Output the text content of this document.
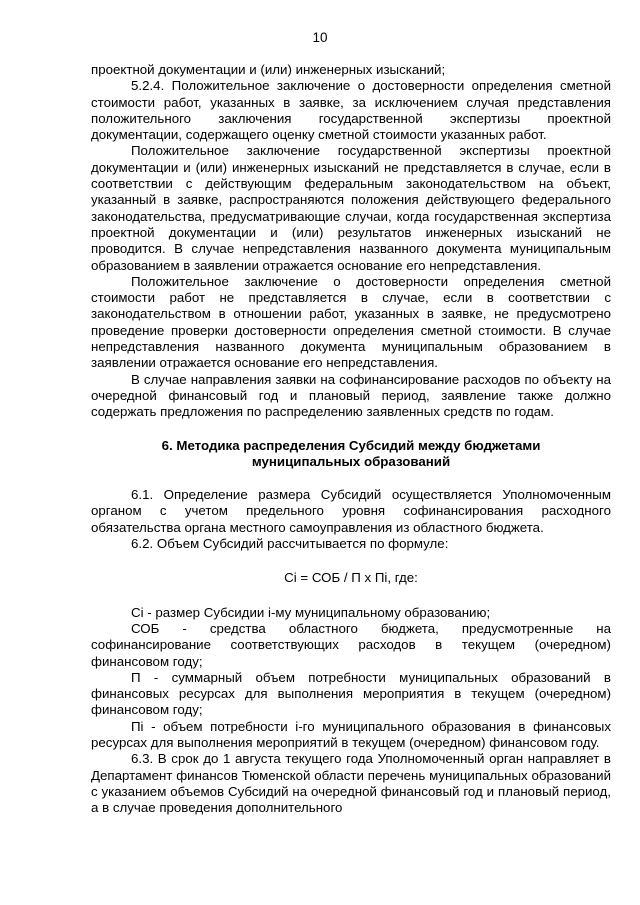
10

проектной документации и (или) инженерных изысканий;

5.2.4. Положительное заключение о достоверности определения сметной стоимости работ, указанных в заявке, за исключением случая представления положительного заключения государственной экспертизы проектной документации, содержащего оценку сметной стоимости указанных работ.

Положительное заключение государственной экспертизы проектной документации и (или) инженерных изысканий не представляется в случае, если в соответствии с действующим федеральным законодательством на объект, указанный в заявке, распространяются положения действующего федерального законодательства, предусматривающие случаи, когда государственная экспертиза проектной документации и (или) результатов инженерных изысканий не проводится. В случае непредставления названного документа муниципальным образованием в заявлении отражается основание его непредставления.

Положительное заключение о достоверности определения сметной стоимости работ не представляется в случае, если в соответствии с законодательством в отношении работ, указанных в заявке, не предусмотрено проведение проверки достоверности определения сметной стоимости. В случае непредставления названного документа муниципальным образованием в заявлении отражается основание его непредставления.

В случае направления заявки на софинансирование расходов по объекту на очередной финансовый год и плановый период, заявление также должно содержать предложения по распределению заявленных средств по годам.

6. Методика распределения Субсидий между бюджетами муниципальных образований

6.1. Определение размера Субсидий осуществляется Уполномоченным органом с учетом предельного уровня софинансирования расходного обязательства органа местного самоуправления из областного бюджета.

6.2. Объем Субсидий рассчитывается по формуле:

Ci = СОБ / П x Пi, где:

Ci - размер Субсидии i-му муниципальному образованию;

СОБ - средства областного бюджета, предусмотренные на софинансирование соответствующих расходов в текущем (очередном) финансовом году;

П - суммарный объем потребности муниципальных образований в финансовых ресурсах для выполнения мероприятия в текущем (очередном) финансовом году;

Пi - объем потребности i-го муниципального образования в финансовых ресурсах для выполнения мероприятий в текущем (очередном) финансовом году.

6.3. В срок до 1 августа текущего года Уполномоченный орган направляет в Департамент финансов Тюменской области перечень муниципальных образований с указанием объемов Субсидий на очередной финансовый год и плановый период, а в случае проведения дополнительного
